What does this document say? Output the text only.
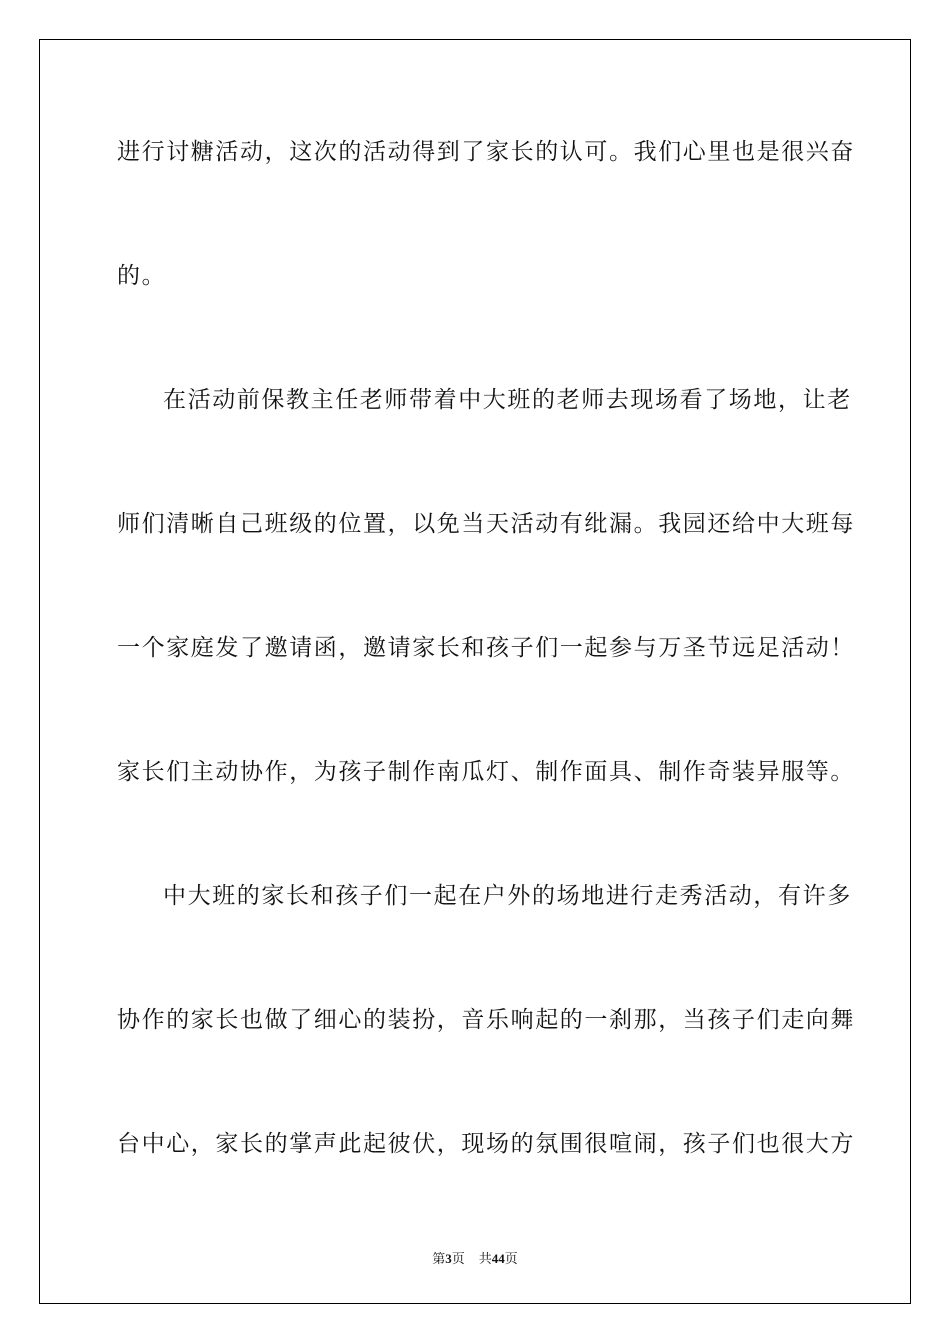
进行讨糖活动，这次的活动得到了家长的认可。我们心里也是很兴奋
的。
在活动前保教主任老师带着中大班的老师去现场看了场地，让老
师们清晰自己班级的位置，以免当天活动有纰漏。我园还给中大班每
一个家庭发了邀请函，邀请家长和孩子们一起参与万圣节远足活动！
家长们主动协作，为孩子制作南瓜灯、制作面具、制作奇装异服等。
中大班的家长和孩子们一起在户外的场地进行走秀活动，有许多
协作的家长也做了细心的装扮，音乐响起的一刹那，当孩子们走向舞
台中心，家长的掌声此起彼伏，现场的氛围很喧闹，孩子们也很大方
第3页 共44页
